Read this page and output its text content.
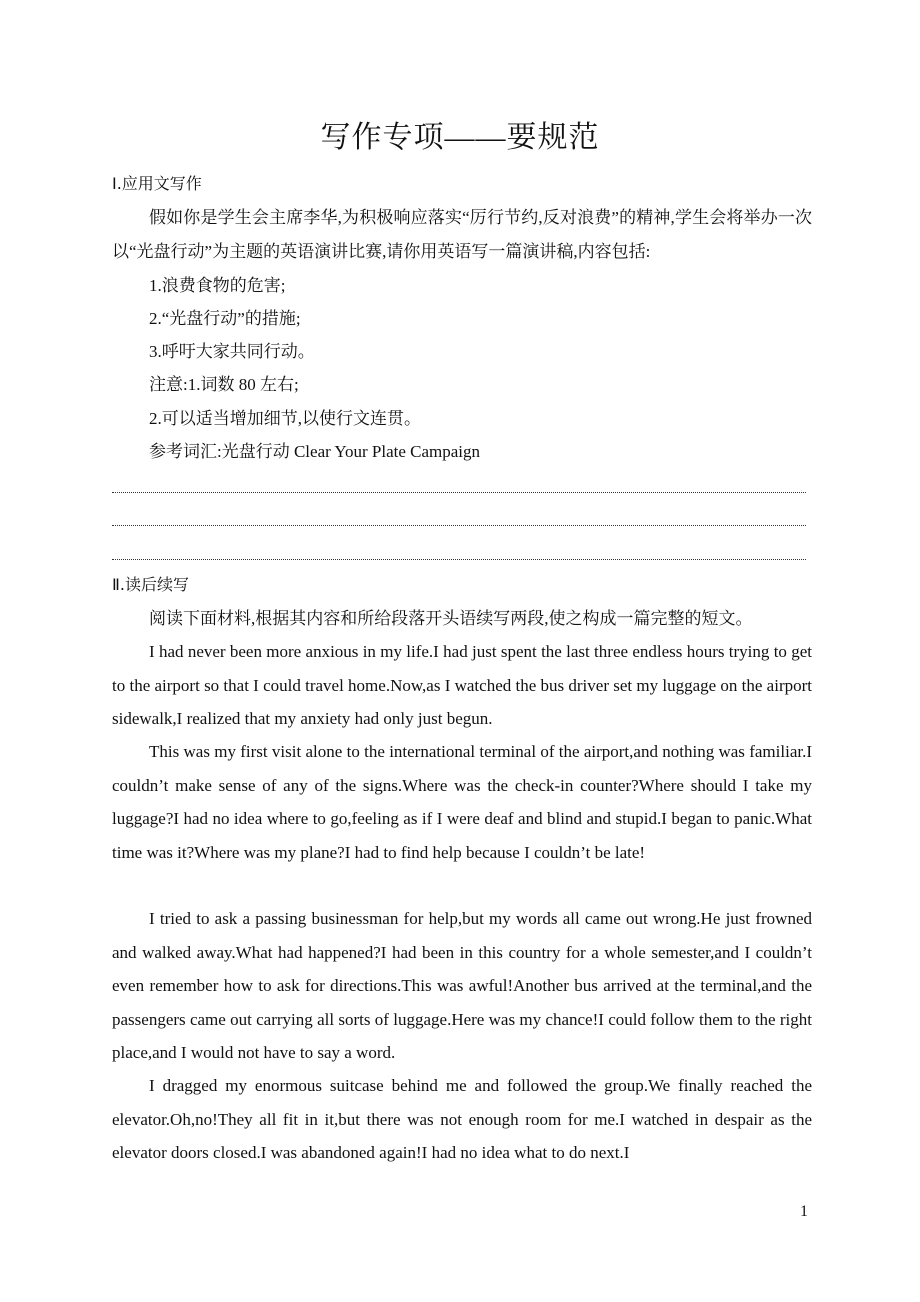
写作专项——要规范
Ⅰ.应用文写作

假如你是学生会主席李华,为积极响应落实“厉行节约,反对浪费”的精神,学生会将举办一次以“光盘行动”为主题的英语演讲比赛,请你用英语写一篇演讲稿,内容包括:

1.浪费食物的危害;
2.“光盘行动”的措施;
3.呼吁大家共同行动。
注意:1.词数 80 左右;
2.可以适当增加细节,以使行文连贯。
参考词汇:光盘行动 Clear Your Plate Campaign
Ⅱ.读后续写

阅读下面材料,根据其内容和所给段落开头语续写两段,使之构成一篇完整的短文。

I had never been more anxious in my life.I had just spent the last three endless hours trying to get to the airport so that I could travel home.Now,as I watched the bus driver set my luggage on the airport sidewalk,I realized that my anxiety had only just begun.

This was my first visit alone to the international terminal of the airport,and nothing was familiar.I couldn’t make sense of any of the signs.Where was the check-in counter?Where should I take my luggage?I had no idea where to go,feeling as if I were deaf and blind and stupid.I began to panic.What time was it?Where was my plane?I had to find help because I couldn’t be late!

I tried to ask a passing businessman for help,but my words all came out wrong.He just frowned and walked away.What had happened?I had been in this country for a whole semester,and I couldn’t even remember how to ask for directions.This was awful!Another bus arrived at the terminal,and the passengers came out carrying all sorts of luggage.Here was my chance!I could follow them to the right place,and I would not have to say a word.

I dragged my enormous suitcase behind me and followed the group.We finally reached the elevator.Oh,no!They all fit in it,but there was not enough room for me.I watched in despair as the elevator doors closed.I was abandoned again!I had no idea what to do next.I

1
